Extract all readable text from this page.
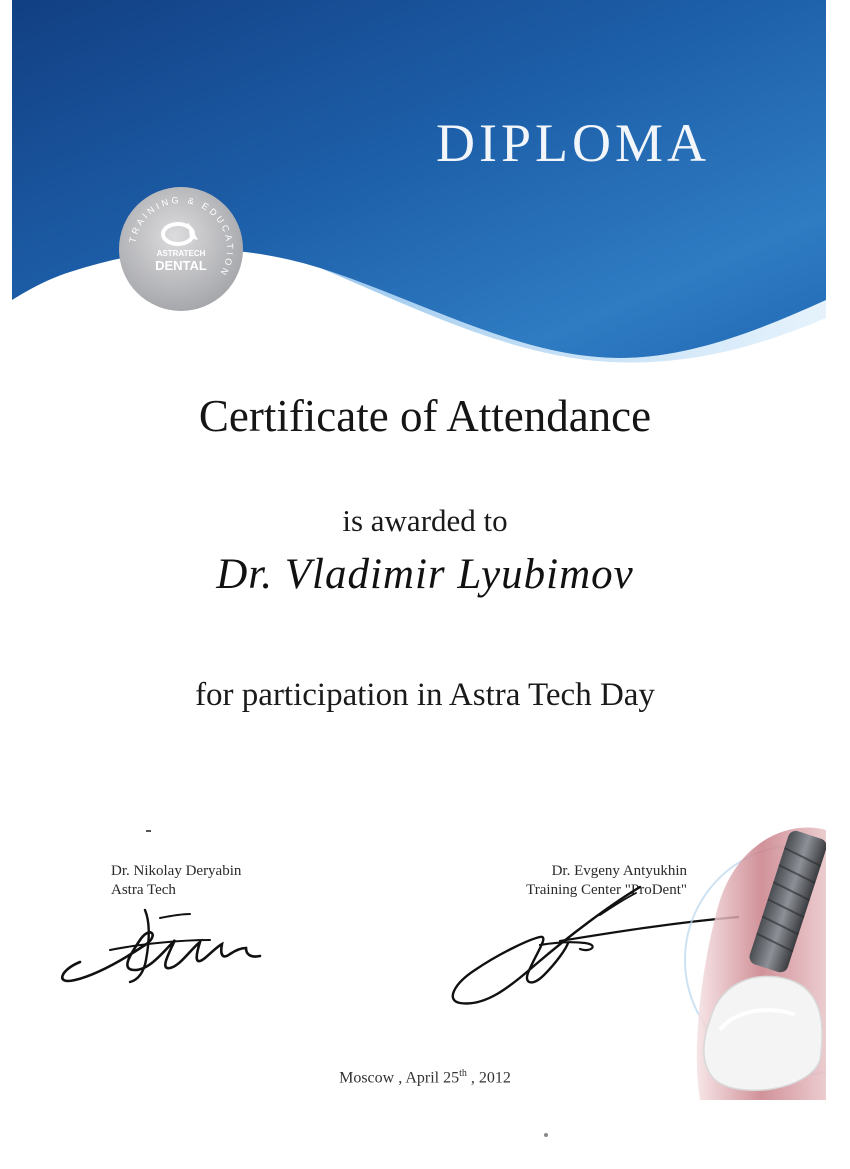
DIPLOMA
TRAINING & EDUCATION
ASTRATECH
DENTAL
Certificate of Attendance
is awarded to
Dr. Vladimir Lyubimov
for participation in Astra Tech Day
Dr. Nikolay Deryabin
Astra Tech
Dr. Evgeny Antyukhin
Training Center "ProDent"
Moscow , April 25th , 2012
